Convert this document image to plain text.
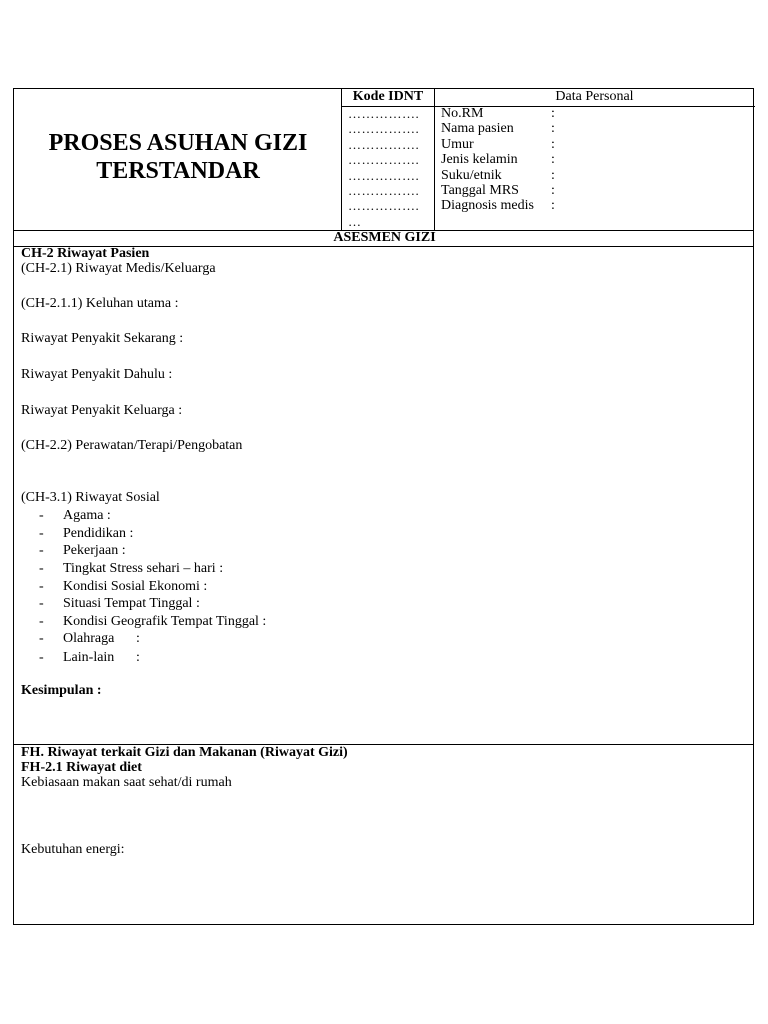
PROSES ASUHAN GIZI
TERSTANDAR
Kode IDNT	Data Personal
…………….
…………….
…………….
…………….
…………….
…………….
…………….
…
No.RM	:
Nama pasien	:
Umur	:
Jenis kelamin :
Suku/etnik	:
Tanggal MRS :
Diagnosis medis :
ASESMEN GIZI
CH-2 Riwayat Pasien
(CH-2.1) Riwayat Medis/Keluarga
(CH-2.1.1) Keluhan utama :
Riwayat Penyakit Sekarang :
Riwayat Penyakit Dahulu :
Riwayat Penyakit Keluarga :
(CH-2.2) Perawatan/Terapi/Pengobatan
(CH-3.1) Riwayat Sosial
- Agama :
- Pendidikan :
- Pekerjaan :
- Tingkat Stress sehari – hari :
- Kondisi Sosial Ekonomi :
- Situasi Tempat Tinggal :
- Kondisi Geografik Tempat Tinggal :
- Olahraga :
- Lain-lain :
Kesimpulan :
FH. Riwayat terkait Gizi dan Makanan (Riwayat Gizi)
FH-2.1 Riwayat diet
Kebiasaan makan saat sehat/di rumah
Kebutuhan energi:
